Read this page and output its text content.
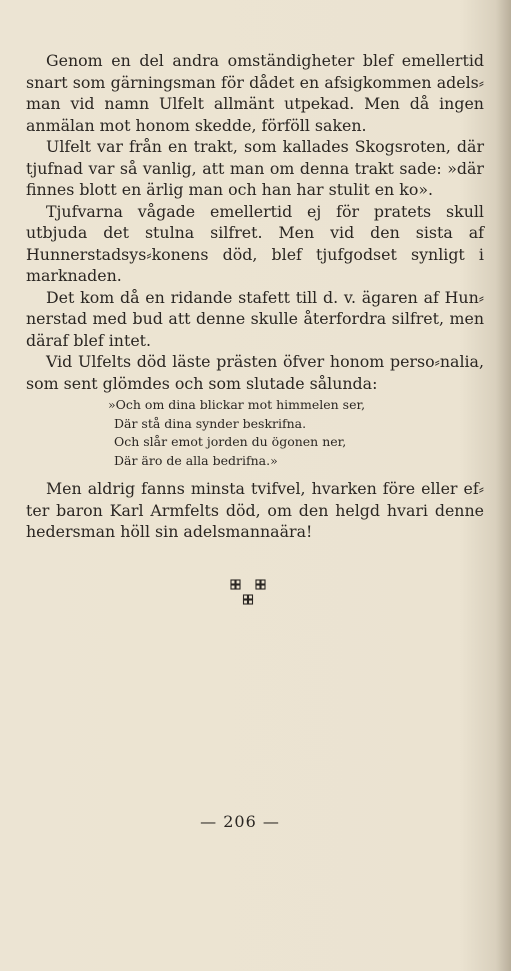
Genom en del andra omständigheter blef emellertid snart som gärningsman för dådet en afsigkommen adels⸗man vid namn Ulfelt allmänt utpekad. Men då ingen anmälan mot honom skedde, förföll saken.

Ulfelt var från en trakt, som kallades Skogsroten, där tjufnad var så vanlig, att man om denna trakt sade: »där finnes blott en ärlig man och han har stulit en ko».

Tjufvarna vågade emellertid ej för pratets skull utbjuda det stulna silfret. Men vid den sista af Hunnerstadsys⸗konens död, blef tjufgodset synligt i marknaden.

Det kom då en ridande stafett till d. v. ägaren af Hun⸗nerstad med bud att denne skulle återfordra silfret, men däraf blef intet.

Vid Ulfelts död läste prästen öfver honom perso⸗nalia, som sent glömdes och som slutade sålunda:

»Och om dina blickar mot himmelen ser,
Där stå dina synder beskrifna.
Och slår emot jorden du ögonen ner,
Där äro de alla bedrifna.»

Men aldrig fanns minsta tvifvel, hvarken före eller ef⸗ter baron Karl Armfelts död, om den helgd hvari denne hedersman höll sin adelsmannaära!

— 206 —
